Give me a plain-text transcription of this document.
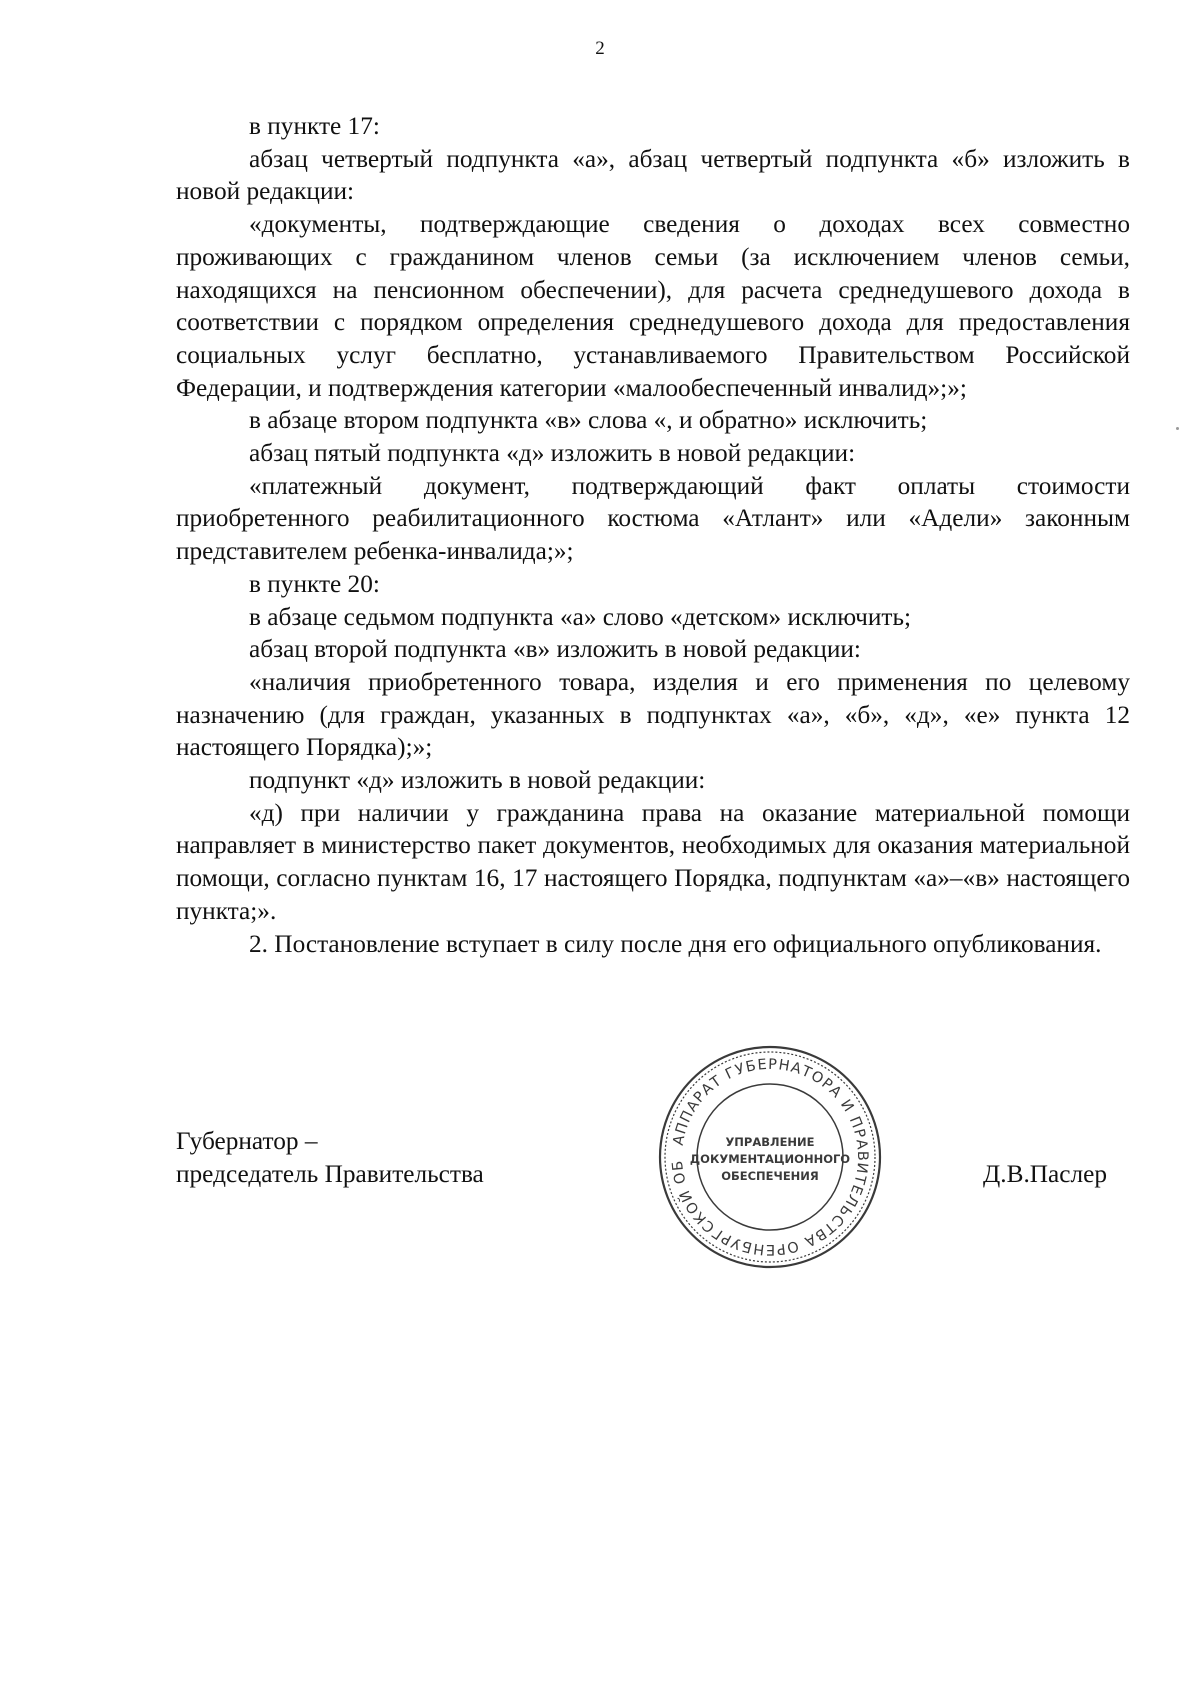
2

в пункте 17:

абзац четвертый подпункта «а», абзац четвертый подпункта «б» изложить в новой редакции:

«документы, подтверждающие сведения о доходах всех совместно проживающих с гражданином членов семьи (за исключением членов семьи, находящихся на пенсионном обеспечении), для расчета среднедушевого дохода в соответствии с порядком определения среднедушевого дохода для предоставления социальных услуг бесплатно, устанавливаемого Правительством Российской Федерации, и подтверждения категории «малообеспеченный инвалид»;»;

в абзаце втором подпункта «в» слова «, и обратно» исключить;

абзац пятый подпункта «д» изложить в новой редакции:

«платежный документ, подтверждающий факт оплаты стоимости приобретенного реабилитационного костюма «Атлант» или «Адели» законным представителем ребенка-инвалида;»;

в пункте 20:

в абзаце седьмом подпункта «а» слово «детском» исключить;

абзац второй подпункта «в» изложить в новой редакции:

«наличия приобретенного товара, изделия и его применения по целевому назначению (для граждан, указанных в подпунктах «а», «б», «д», «е» пункта 12 настоящего Порядка);»;

подпункт «д» изложить в новой редакции:

«д) при наличии у гражданина права на оказание материальной помощи направляет в министерство пакет документов, необходимых для оказания материальной помощи, согласно пунктам 16, 17 настоящего Порядка, подпунктам «а»–«в» настоящего пункта;».

2. Постановление вступает в силу после дня его официального опубликования.

Губернатор –
председатель Правительства	Д.В.Паслер
АППАРАТ ГУБЕРНАТОРА И ПРАВИТЕЛЬСТВА ОРЕНБУРГСКОЙ ОБ
УПРАВЛЕНИЕ
ДОКУМЕНТАЦИОННОГО
ОБЕСПЕЧЕНИЯ
